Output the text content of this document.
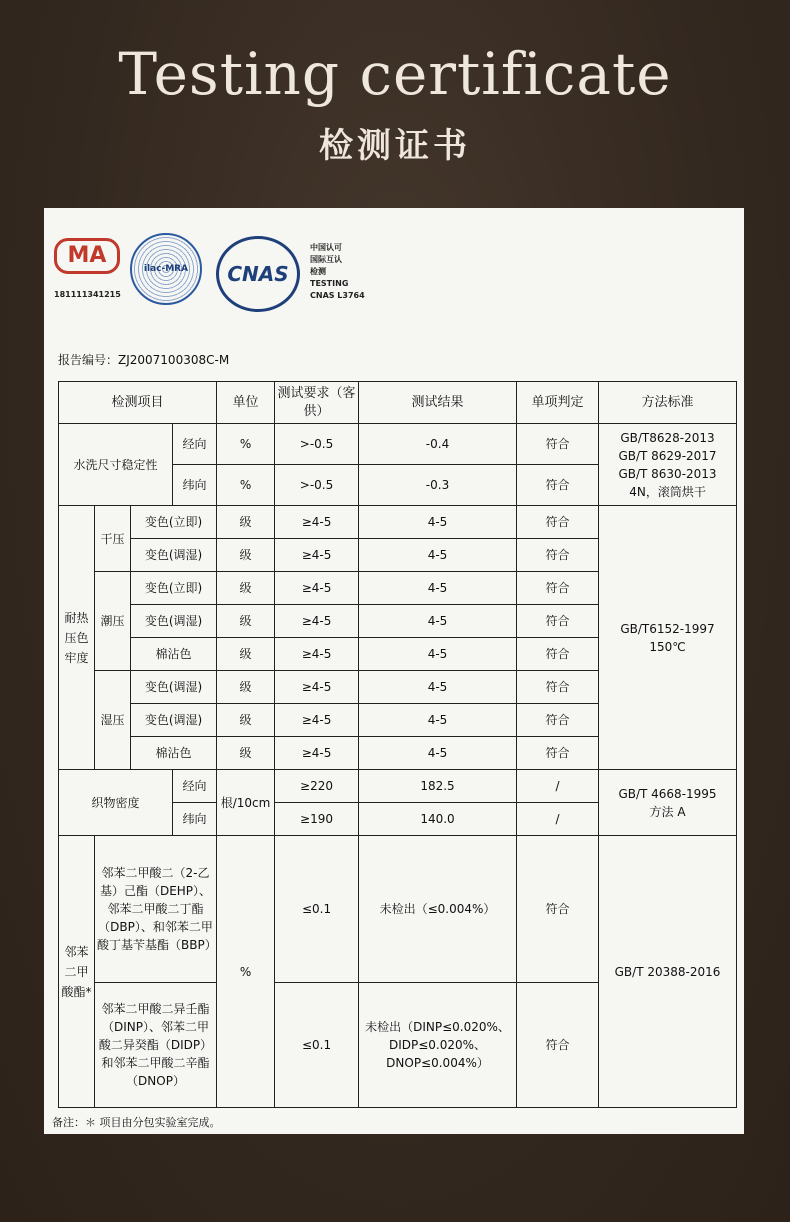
Testing certificate
检测证书
MA
181111341215
ilac-MRA	CNAS
中国认可
国际互认
检测
TESTING
CNAS L3764
报告编号：ZJ2007100308C-M
检测项目				单位	测试要求（客供）	测试结果	单项判定	方法标准
水洗尺寸稳定性			经向	%	>-0.5	-0.4	符合	GB/T8628-2013
GB/T 8629-2017
GB/T 8630-2013
4N，滚筒烘干

			纬向	%	>-0.5	-0.3	符合	
耐热压色牢度	干压	变色(立即)		级	≥4-5	4-5	符合	GB/T6152-1997
150℃

		变色(调湿)		级	≥4-5	4-5	符合	
	潮压	变色(立即)		级	≥4-5	4-5	符合	
		变色(调湿)		级	≥4-5	4-5	符合	
		棉沾色		级	≥4-5	4-5	符合	
	湿压	变色(调湿)		级	≥4-5	4-5	符合	
		变色(调湿)		级	≥4-5	4-5	符合	
		棉沾色		级	≥4-5	4-5	符合	
织物密度			经向	根/10cm	≥220	182.5	/	GB/T 4668-1995
方法 A

			纬向		≥190	140.0	/	
邻苯二甲酸酯*	邻苯二甲酸二（2-乙基）己酯（DEHP）、邻苯二甲酸二丁酯（DBP）、和邻苯二甲酸丁基苄基酯（BBP）			%	≤0.1	未检出（≤0.004%）	符合	GB/T 20388-2016
	邻苯二甲酸二异壬酯（DINP）、邻苯二甲酸二异癸酯（DIDP）和邻苯二甲酸二辛酯（DNOP）				≤0.1	未检出（DINP≤0.020%、DIDP≤0.020%、DNOP≤0.004%）	符合	
备注：＊ 项目由分包实验室完成。
